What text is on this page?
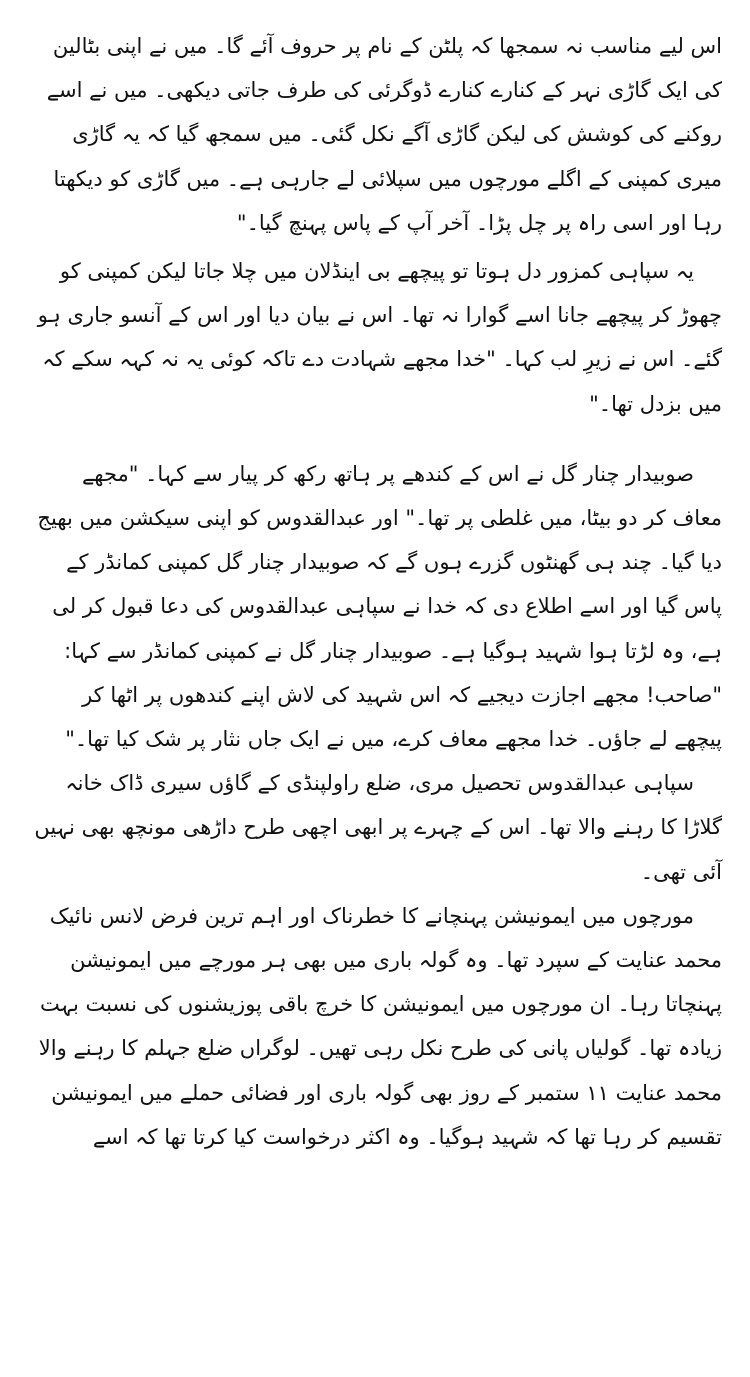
اس لیے مناسب نہ سمجھا کہ پلٹن کے نام پر حروف آئے گا۔ میں نے اپنی بٹالین کی ایک گاڑی نہر کے کنارے کنارے ڈوگرئی کی طرف جاتی دیکھی۔ میں نے اسے روکنے کی کوشش کی لیکن گاڑی آگے نکل گئی۔ میں سمجھ گیا کہ یہ گاڑی میری کمپنی کے اگلے مورچوں میں سپلائی لے جارہی ہے۔ میں گاڑی کو دیکھتا رہا اور اسی راہ پر چل پڑا۔ آخر آپ کے پاس پہنچ گیا۔"

یہ سپاہی کمزور دل ہوتا تو پیچھے بی اینڈلان میں چلا جاتا لیکن کمپنی کو چھوڑ کر پیچھے جانا اسے گوارا نہ تھا۔ اس نے بیان دیا اور اس کے آنسو جاری ہو گئے۔ اس نے زیرِ لب کہا۔ "خدا مجھے شہادت دے تاکہ کوئی یہ نہ کہہ سکے کہ میں بزدل تھا۔"

صوبیدار چنار گل نے اس کے کندھے پر ہاتھ رکھ کر پیار سے کہا۔ "مجھے معاف کر دو بیٹا، میں غلطی پر تھا۔" اور عبدالقدوس کو اپنی سیکشن میں بھیج دیا گیا۔ چند ہی گھنٹوں گزرے ہوں گے کہ صوبیدار چنار گل کمپنی کمانڈر کے پاس گیا اور اسے اطلاع دی کہ خدا نے سپاہی عبدالقدوس کی دعا قبول کر لی ہے، وہ لڑتا ہوا شہید ہوگیا ہے۔ صوبیدار چنار گل نے کمپنی کمانڈر سے کہا:

"صاحب! مجھے اجازت دیجیے کہ اس شہید کی لاش اپنے کندھوں پر اٹھا کر پیچھے لے جاؤں۔ خدا مجھے معاف کرے، میں نے ایک جاں نثار پر شک کیا تھا۔"

سپاہی عبدالقدوس تحصیل مری، ضلع راولپنڈی کے گاؤں سیری ڈاک خانہ گلاڑا کا رہنے والا تھا۔ اس کے چہرے پر ابھی اچھی طرح داڑھی مونچھ بھی نہیں آئی تھی۔

مورچوں میں ایمونیشن پہنچانے کا خطرناک اور اہم ترین فرض لانس نائیک محمد عنایت کے سپرد تھا۔ وہ گولہ باری میں بھی ہر مورچے میں ایمونیشن پہنچاتا رہا۔ ان مورچوں میں ایمونیشن کا خرچ باقی پوزیشنوں کی نسبت بہت زیادہ تھا۔ گولیاں پانی کی طرح نکل رہی تھیں۔ لوگراں ضلع جہلم کا رہنے والا محمد عنایت ۱۱ ستمبر کے روز بھی گولہ باری اور فضائی حملے میں ایمونیشن تقسیم کر رہا تھا کہ شہید ہوگیا۔ وہ اکثر درخواست کیا کرتا تھا کہ اسے
